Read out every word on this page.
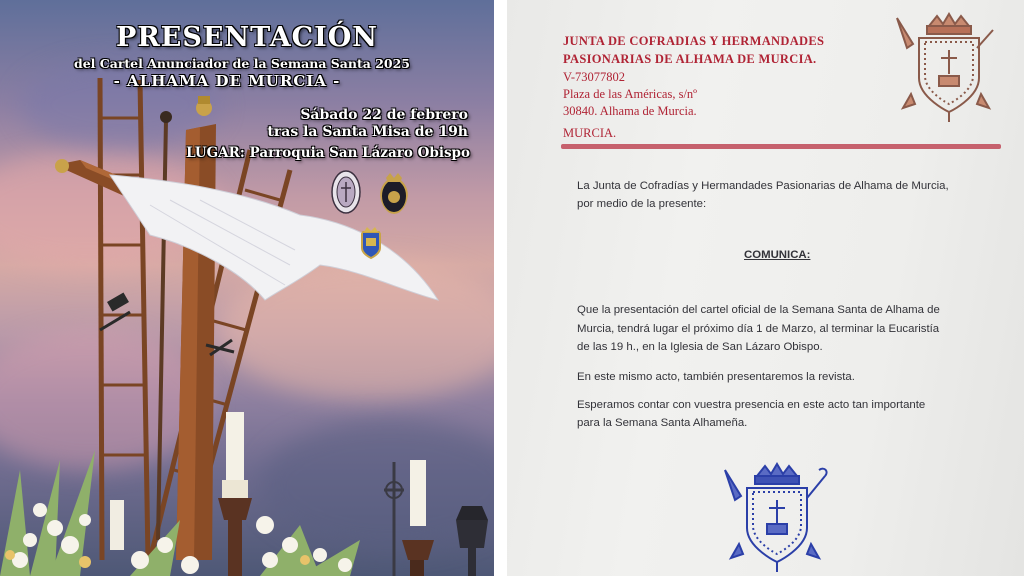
PRESENTACIÓN
del Cartel Anunciador de la Semana Santa 2025
- ALHAMA DE MURCIA -
Sábado 22 de febrero
tras la Santa Misa de 19h
LUGAR: Parroquia San Lázaro Obispo
JUNTA DE COFRADIAS Y HERMANDADES
PASIONARIAS DE ALHAMA DE MURCIA.
V-73077802
Plaza de las Américas, s/nº
30840. Alhama de Murcia.
MURCIA.
La Junta de Cofradías y Hermandades Pasionarias de Alhama de Murcia,
por medio de la presente:
COMUNICA:
Que la presentación del cartel oficial de la Semana Santa de Alhama de
Murcia, tendrá lugar el próximo día 1 de Marzo, al terminar la Eucaristía
de las 19 h., en la Iglesia de San Lázaro Obispo.
En este mismo acto, también presentaremos la revista.
Esperamos contar con vuestra presencia en este acto tan importante
para la Semana Santa Alhameña.
